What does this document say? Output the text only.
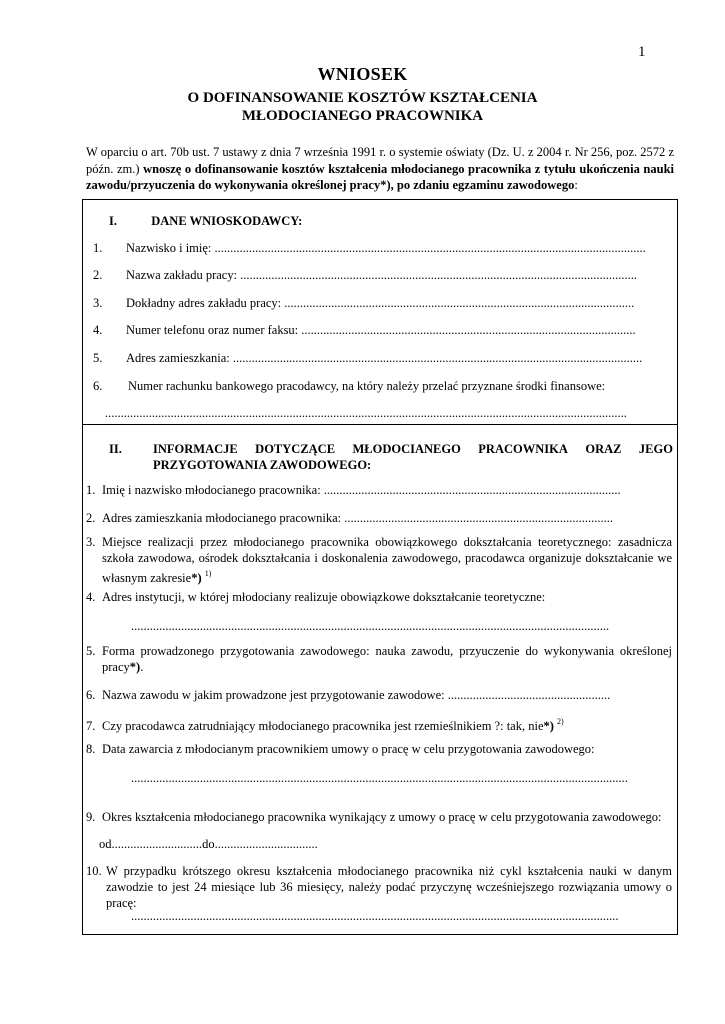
1
WNIOSEK
O DOFINANSOWANIE KOSZTÓW KSZTAŁCENIA
MŁODOCIANEGO PRACOWNIKA
W oparciu o art. 70b ust. 7 ustawy z dnia 7 września 1991 r. o systemie oświaty (Dz. U. z 2004 r. Nr 256, poz. 2572 z późn. zm.) wnoszę o dofinansowanie kosztów kształcenia młodocianego pracownika z tytułu ukończenia nauki zawodu/przyuczenia do wykonywania określonej pracy*), po zdaniu egzaminu zawodowego:
I.	DANE WNIOSKODAWCY:
1. Nazwisko i imię: ..........................................................................................................................................
2. Nazwa zakładu pracy: ...............................................................................................................................
3. Dokładny adres zakładu pracy: ................................................................................................................
4. Numer telefonu oraz numer faksu: ...........................................................................................................
5. Adres zamieszkania: ...................................................................................................................................
6. Numer rachunku bankowego pracodawcy, na który należy przelać przyznane środki finansowe:
.......................................................................................................................................................................
II. INFORMACJE DOTYCZĄCE MŁODOCIANEGO PRACOWNIKA ORAZ JEGO
PRZYGOTOWANIA ZAWODOWEGO:
1. Imię i nazwisko młodocianego pracownika: ...............................................................................................
2. Adres zamieszkania młodocianego pracownika: ......................................................................................
3. Miejsce realizacji przez młodocianego pracownika obowiązkowego dokształcania teoretycznego: zasadnicza szkoła zawodowa, ośrodek dokształcania i doskonalenia zawodowego, pracodawca organizuje dokształcanie we własnym zakresie*) $^{1)}$
4. Adres instytucji, w której młodociany realizuje obowiązkowe dokształcanie teoretyczne:
.........................................................................................................................................................
5. Forma prowadzonego przygotowania zawodowego: nauka zawodu, przyuczenie do wykonywania określonej pracy*).
6. Nazwa zawodu w jakim prowadzone jest przygotowanie zawodowe: ....................................................
7. Czy pracodawca zatrudniający młodocianego pracownika jest rzemieślnikiem ?: tak, nie*) $^{2)}$
8. Data zawarcia z młodocianym pracownikiem umowy o pracę w celu przygotowania zawodowego:
...............................................................................................................................................................
9. Okres kształcenia młodocianego pracownika wynikający z umowy o pracę w celu przygotowania zawodowego:
od.............................do.................................
10. W przypadku krótszego okresu kształcenia młodocianego pracownika niż cykl kształcenia nauki w danym zawodzie to jest 24 miesiące lub 36 miesięcy, należy podać przyczynę wcześniejszego rozwiązania umowy o pracę:
............................................................................................................................................................
